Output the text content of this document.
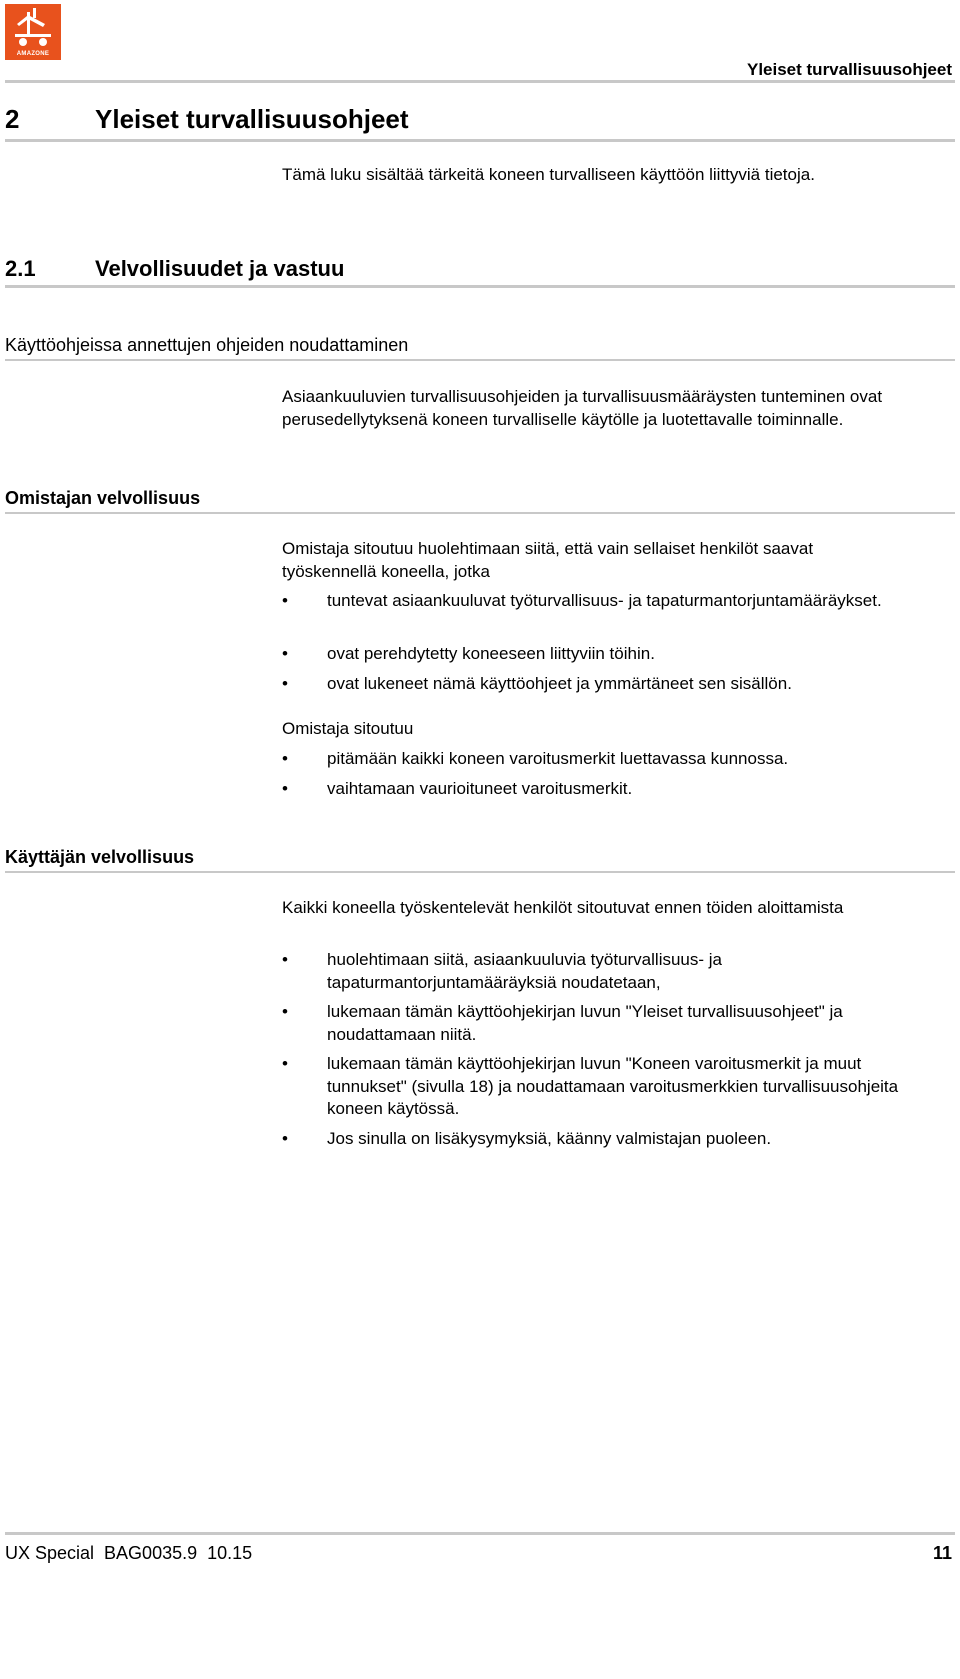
AMAZONE
Yleiset turvallisuusohjeet
2	Yleiset turvallisuusohjeet
Tämä luku sisältää tärkeitä koneen turvalliseen käyttöön liittyviä tietoja.
2.1	Velvollisuudet ja vastuu
Käyttöohjeissa annettujen ohjeiden noudattaminen
Asiaankuuluvien turvallisuusohjeiden ja turvallisuusmääräysten tunteminen ovat perusedellytyksenä koneen turvalliselle käytölle ja luotettavalle toiminnalle.
Omistajan velvollisuus
Omistaja sitoutuu huolehtimaan siitä, että vain sellaiset henkilöt saavat työskennellä koneella, jotka
• tuntevat asiaankuuluvat työturvallisuus- ja tapaturmantorjuntamääräykset.
• ovat perehdytetty koneeseen liittyviin töihin.
• ovat lukeneet nämä käyttöohjeet ja ymmärtäneet sen sisällön.
Omistaja sitoutuu
• pitämään kaikki koneen varoitusmerkit luettavassa kunnossa.
• vaihtamaan vaurioituneet varoitusmerkit.
Käyttäjän velvollisuus
Kaikki koneella työskentelevät henkilöt sitoutuvat ennen töiden aloittamista
• huolehtimaan siitä, asiaankuuluvia työturvallisuus- ja tapaturmantorjuntamääräyksiä noudatetaan,
• lukemaan tämän käyttöohjekirjan luvun "Yleiset turvallisuusohjeet" ja noudattamaan niitä.
• lukemaan tämän käyttöohjekirjan luvun "Koneen varoitusmerkit ja muut tunnukset" (sivulla 18) ja noudattamaan varoitusmerkkien turvallisuusohjeita koneen käytössä.
• Jos sinulla on lisäkysymyksiä, käänny valmistajan puoleen.
UX Special  BAG0035.9  10.15	11
